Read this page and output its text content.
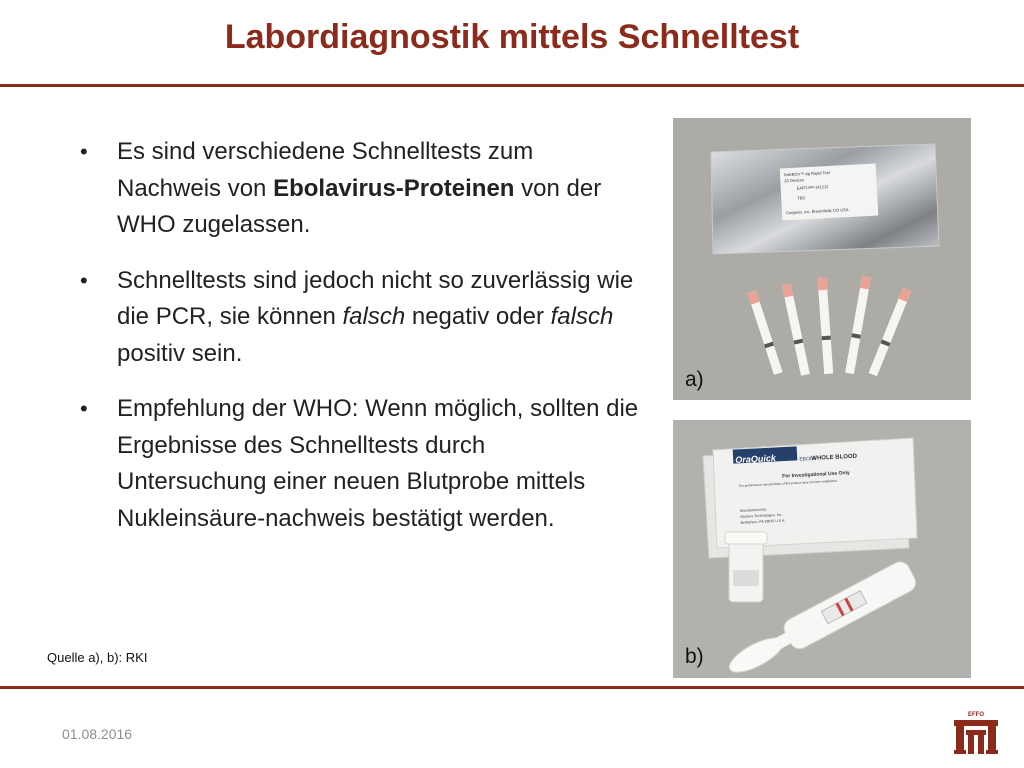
Labordiagnostik mittels Schnelltest
• Es sind verschiedene Schnelltests zum Nachweis von Ebolavirus-Proteinen von der WHO zugelassen.
• Schnelltests sind jedoch nicht so zuverlässig wie die PCR, sie können falsch negativ oder falsch positiv sein.
• Empfehlung der WHO: Wenn möglich, sollten die Ergebnisse des Schnelltests durch Untersuchung einer neuen Blutprobe mittels Nukleinsäure-nachweis bestätigt werden.
ReEBOV™ Ag Rapid Test
20 Devices
EART-PP-141212
TBD
Corgenix, Inc. Broomfield, CO USA
a)
OraQuick	EBOLA
WHOLE BLOOD
For Investigational Use Only
The performance characteristics of this product have not been established
Manufactured by:
OraSure Technologies, Inc.
Bethlehem, PA 18015 U.S.A.
b)
Quelle a), b): RKI
01.08.2016
EFFO
